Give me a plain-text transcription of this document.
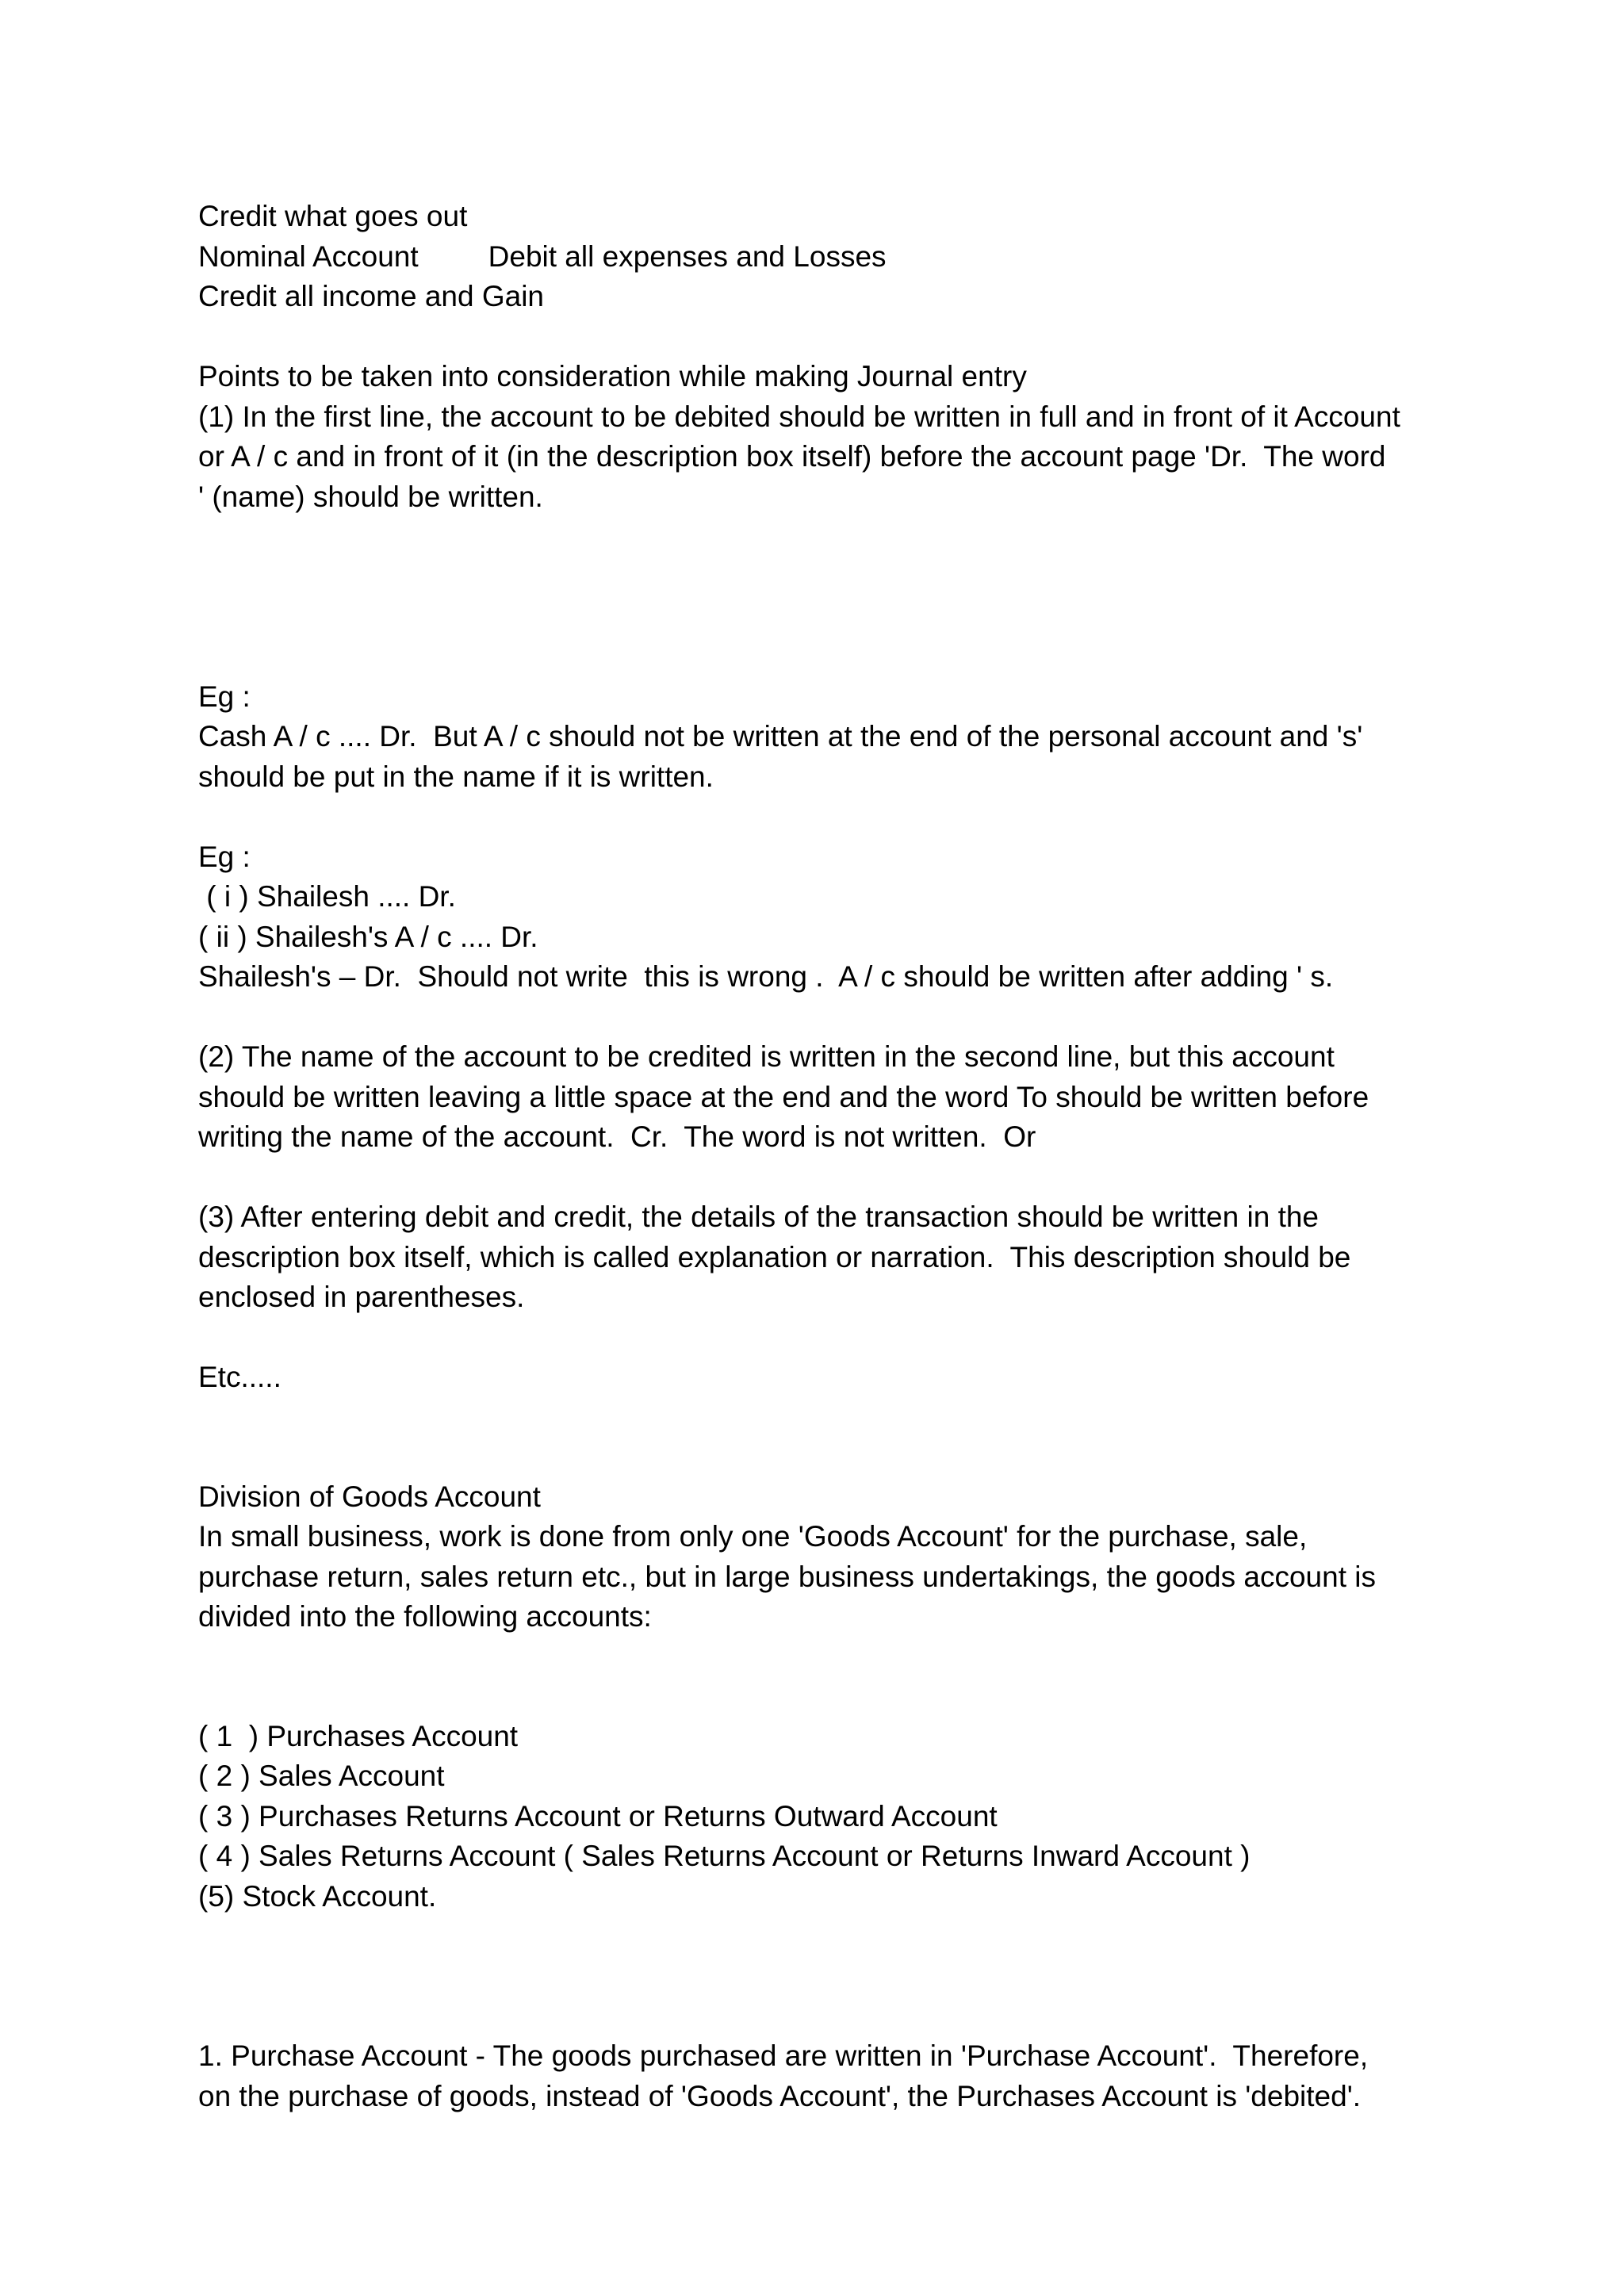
Credit what goes out
Nominal Account Debit all expenses and Losses
Credit all income and Gain
Points to be taken into consideration while making Journal entry
(1) In the first line, the account to be debited should be written in full and in front of it Account
or A / c and in front of it (in the description box itself) before the account page 'Dr.  The word
' (name) should be written.
Eg :
Cash A / c .... Dr.  But A / c should not be written at the end of the personal account and 's'
should be put in the name if it is written.
Eg :
( i ) Shailesh .... Dr.
( ii ) Shailesh's A / c .... Dr.
Shailesh's – Dr.  Should not write  this is wrong .  A / c should be written after adding ' s.
(2) The name of the account to be credited is written in the second line, but this account
should be written leaving a little space at the end and the word To should be written before
writing the name of the account.  Cr.  The word is not written.  Or
(3) After entering debit and credit, the details of the transaction should be written in the
description box itself, which is called explanation or narration.  This description should be
enclosed in parentheses.
Etc.....
Division of Goods Account
In small business, work is done from only one 'Goods Account' for the purchase, sale,
purchase return, sales return etc., but in large business undertakings, the goods account is
divided into the following accounts:
( 1  ) Purchases Account
( 2 ) Sales Account
( 3 ) Purchases Returns Account or Returns Outward Account
( 4 ) Sales Returns Account ( Sales Returns Account or Returns Inward Account )
(5) Stock Account.
1. Purchase Account - The goods purchased are written in 'Purchase Account'.  Therefore,
on the purchase of goods, instead of 'Goods Account', the Purchases Account is 'debited'.
